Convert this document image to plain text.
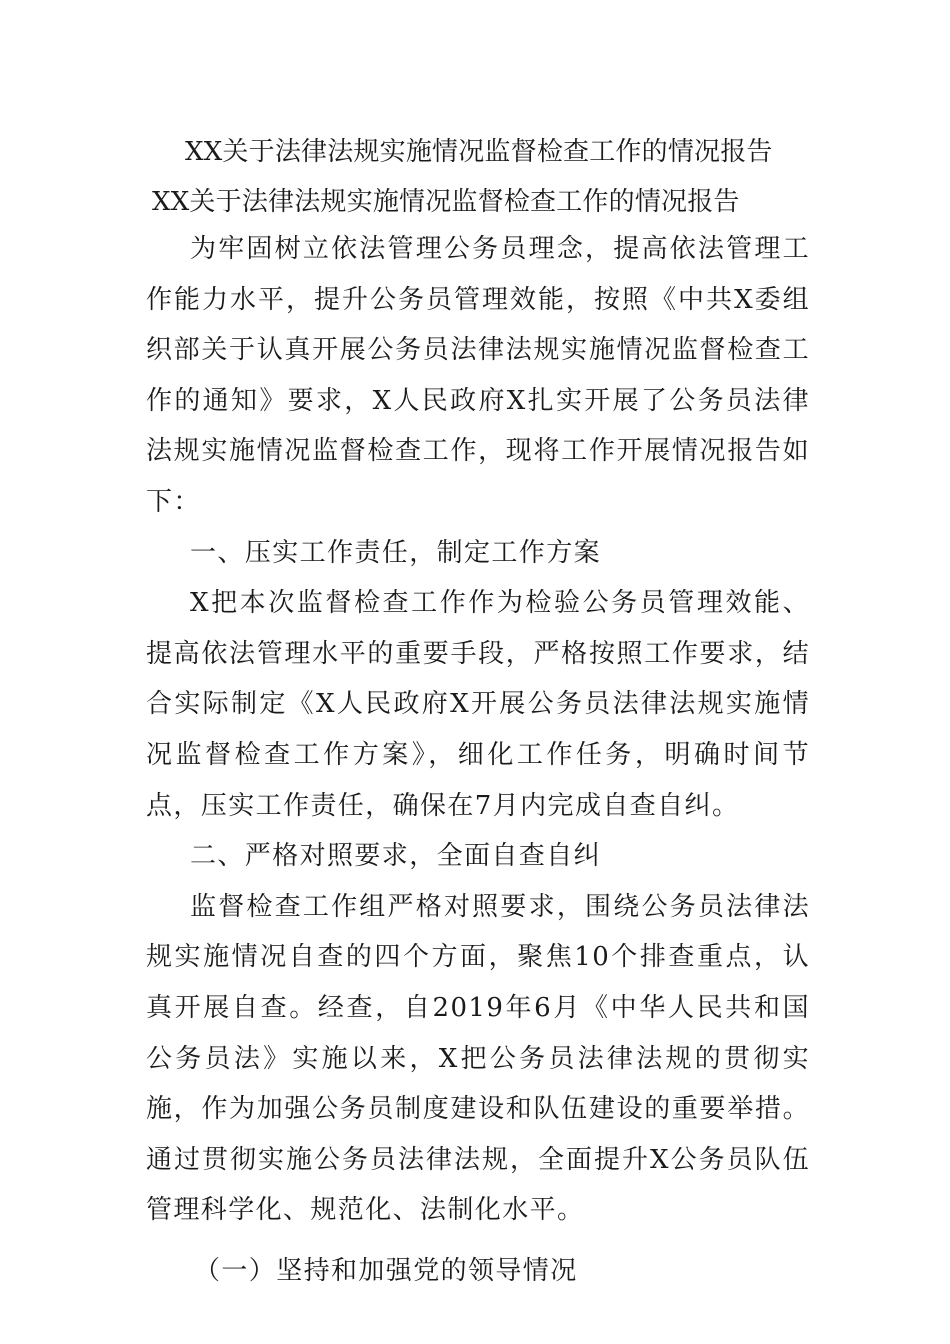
XX关于法律法规实施情况监督检查工作的情况报告
XX关于法律法规实施情况监督检查工作的情况报告

为牢固树立依法管理公务员理念，提高依法管理工作能力水平，提升公务员管理效能，按照《中共X委组织部关于认真开展公务员法律法规实施情况监督检查工作的通知》要求，X人民政府X扎实开展了公务员法律法规实施情况监督检查工作，现将工作开展情况报告如下：

一、压实工作责任，制定工作方案

X把本次监督检查工作作为检验公务员管理效能、提高依法管理水平的重要手段，严格按照工作要求，结合实际制定《X人民政府X开展公务员法律法规实施情况监督检查工作方案》，细化工作任务，明确时间节点，压实工作责任，确保在7月内完成自查自纠。

二、严格对照要求，全面自查自纠

监督检查工作组严格对照要求，围绕公务员法律法规实施情况自查的四个方面，聚焦10个排查重点，认真开展自查。经查，自2019年6月《中华人民共和国公务员法》实施以来，X把公务员法律法规的贯彻实施，作为加强公务员制度建设和队伍建设的重要举措。通过贯彻实施公务员法律法规，全面提升X公务员队伍管理科学化、规范化、法制化水平。

（一）坚持和加强党的领导情况
